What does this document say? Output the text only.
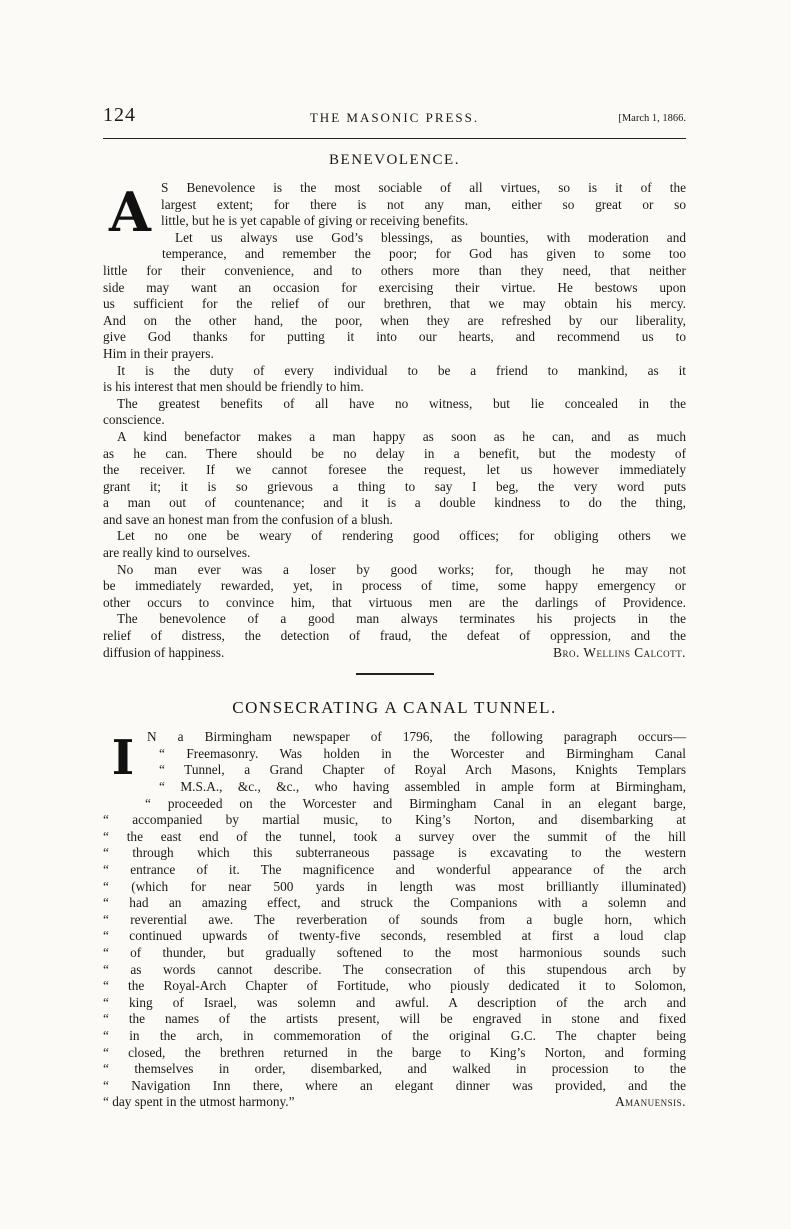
124	THE MASONIC PRESS.	[March 1, 1866.
BENEVOLENCE.
A S Benevolence is the most sociable of all virtues, so is it of the
largest extent; for there is not any man, either so great or so
little, but he is yet capable of giving or receiving benefits.
Let us always use God’s blessings, as bounties, with moderation and
temperance, and remember the poor; for God has given to some too
little for their convenience, and to others more than they need, that neither
side may want an occasion for exercising their virtue. He bestows upon
us sufficient for the relief of our brethren, that we may obtain his mercy.
And on the other hand, the poor, when they are refreshed by our liberality,
give God thanks for putting it into our hearts, and recommend us to
Him in their prayers.
It is the duty of every individual to be a friend to mankind, as it
is his interest that men should be friendly to him.
The greatest benefits of all have no witness, but lie concealed in the
conscience.
A kind benefactor makes a man happy as soon as he can, and as much
as he can. There should be no delay in a benefit, but the modesty of
the receiver. If we cannot foresee the request, let us however immediately
grant it; it is so grievous a thing to say I beg, the very word puts
a man out of countenance; and it is a double kindness to do the thing,
and save an honest man from the confusion of a blush.
Let no one be weary of rendering good offices; for obliging others we
are really kind to ourselves.
No man ever was a loser by good works; for, though he may not
be immediately rewarded, yet, in process of time, some happy emergency or
other occurs to convince him, that virtuous men are the darlings of Providence.
The benevolence of a good man always terminates his projects in the
relief of distress, the detection of fraud, the defeat of oppression, and the
diffusion of happiness.	Bro. Wellins Calcott.
CONSECRATING A CANAL TUNNEL.
I N a Birmingham newspaper of 1796, the following paragraph occurs—
“ Freemasonry. Was holden in the Worcester and Birmingham Canal
“ Tunnel, a Grand Chapter of Royal Arch Masons, Knights Templars
“ M.S.A., &c., &c., who having assembled in ample form at Birmingham,
“ proceeded on the Worcester and Birmingham Canal in an elegant barge,
“ accompanied by martial music, to King’s Norton, and disembarking at
“ the east end of the tunnel, took a survey over the summit of the hill
“ through which this subterraneous passage is excavating to the western
“ entrance of it. The magnificence and wonderful appearance of the arch
“ (which for near 500 yards in length was most brilliantly illuminated)
“ had an amazing effect, and struck the Companions with a solemn and
“ reverential awe. The reverberation of sounds from a bugle horn, which
“ continued upwards of twenty-five seconds, resembled at first a loud clap
“ of thunder, but gradually softened to the most harmonious sounds such
“ as words cannot describe. The consecration of this stupendous arch by
“ the Royal-Arch Chapter of Fortitude, who piously dedicated it to Solomon,
“ king of Israel, was solemn and awful. A description of the arch and
“ the names of the artists present, will be engraved in stone and fixed
“ in the arch, in commemoration of the original G.C. The chapter being
“ closed, the brethren returned in the barge to King’s Norton, and forming
“ themselves in order, disembarked, and walked in procession to the
“ Navigation Inn there, where an elegant dinner was provided, and the
“ day spent in the utmost harmony.”	Amanuensis.
